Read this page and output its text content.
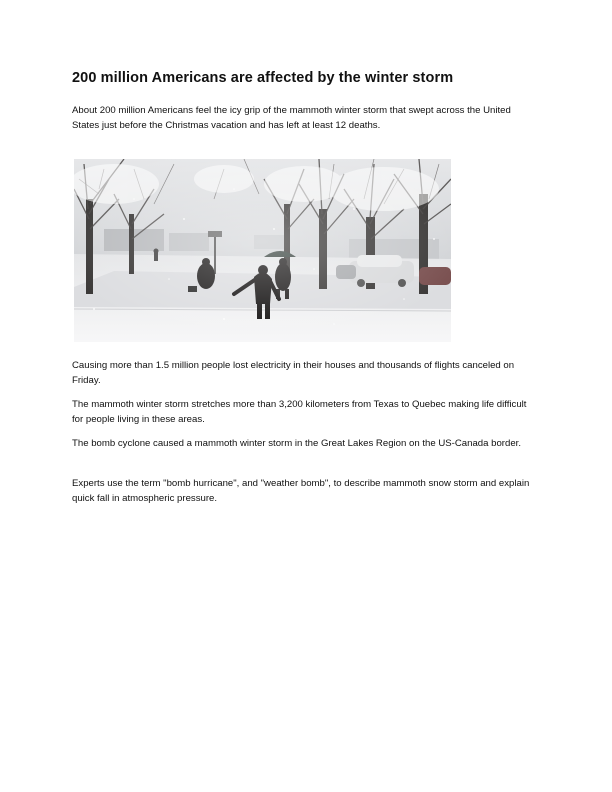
200 million Americans are affected by the winter storm

About 200 million Americans feel the icy grip of the mammoth winter storm that swept across the United States just before the Christmas vacation and has left at least 12 deaths.

Causing more than 1.5 million people lost electricity in their houses and thousands of flights canceled on Friday.

The mammoth winter storm stretches more than 3,200 kilometers from Texas to Quebec making life difficult for people living in these areas.

The bomb cyclone caused a mammoth winter storm in the Great Lakes Region on the US-Canada border.

Experts use the term "bomb hurricane", and "weather bomb", to describe mammoth snow storm and explain quick fall in atmospheric pressure.
